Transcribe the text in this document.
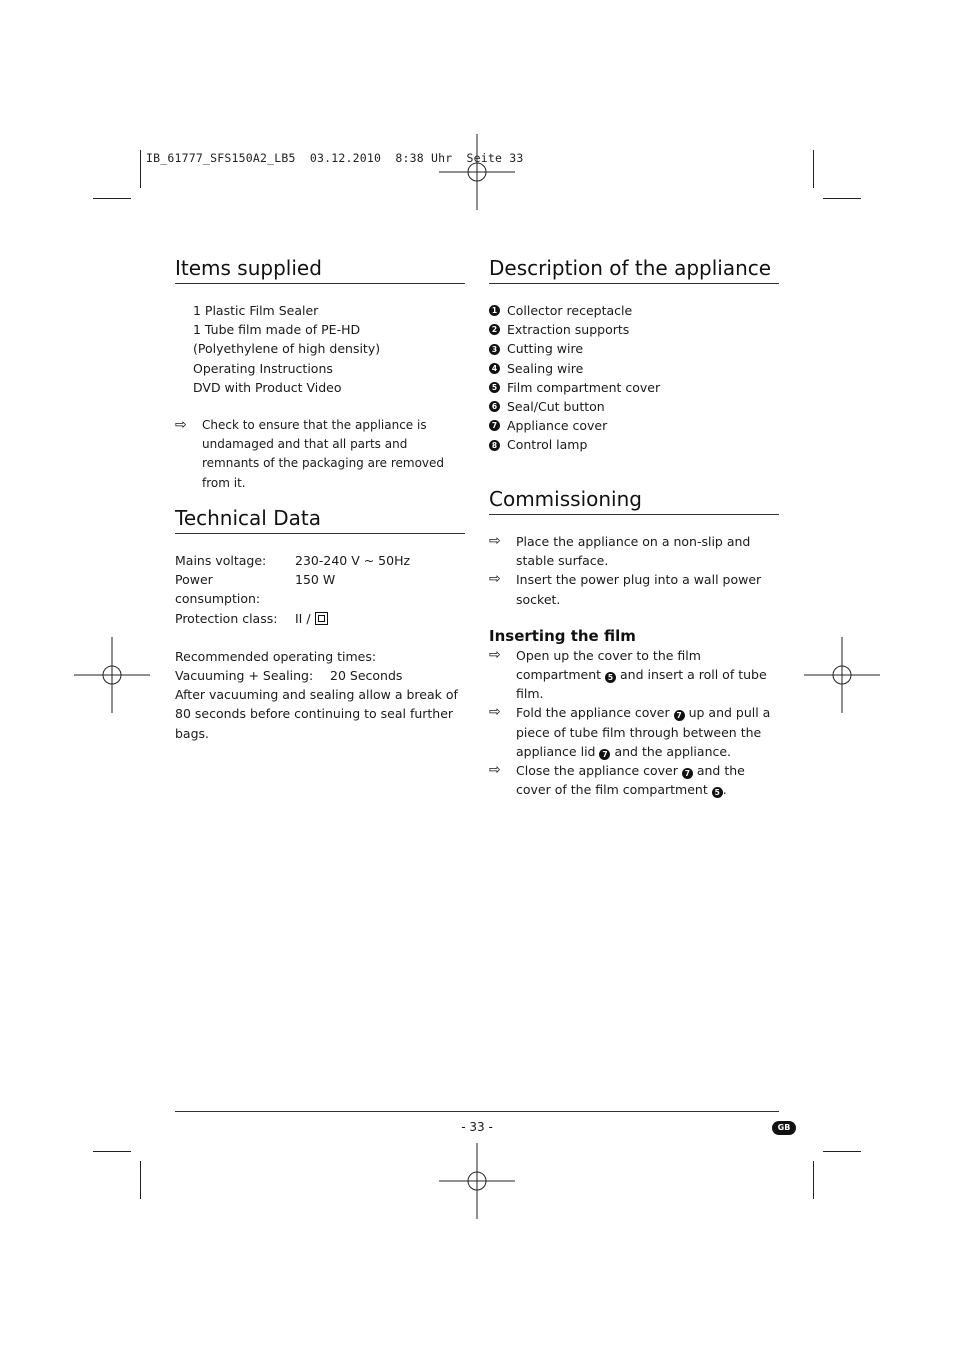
IB_61777_SFS150A2_LB5  03.12.2010  8:38 Uhr  Seite 33
Items supplied
1 Plastic Film Sealer
1 Tube film made of PE-HD
(Polyethylene of high density)
Operating Instructions
DVD with Product Video
⇨	Check to ensure that the appliance is undamaged and that all parts and remnants of the packaging are removed from it.
Technical Data
Mains voltage:	230-240 V ~ 50Hz
Power consumption:
150 W
Protection class:	II /
Recommended operating times:
Vacuuming + Sealing:	20 Seconds
After vacuuming and sealing allow a break of
80 seconds before continuing to seal further bags.
Description of the appliance
1 Collector receptacle
2 Extraction supports
3 Cutting wire
4 Sealing wire
5 Film compartment cover
6 Seal/Cut button
7 Appliance cover
8 Control lamp
Commissioning
⇨	Place the appliance on a non-slip and stable surface.
⇨	Insert the power plug into a wall power socket.
Inserting the film
⇨	Open up the cover to the film compartment 5 and insert a roll of tube film.
⇨	Fold the appliance cover 7 up and pull a piece of tube film through between the appliance lid 7 and the appliance.
⇨	Close the appliance cover 7 and the cover of the film compartment 5 .
- 33 -	GB
